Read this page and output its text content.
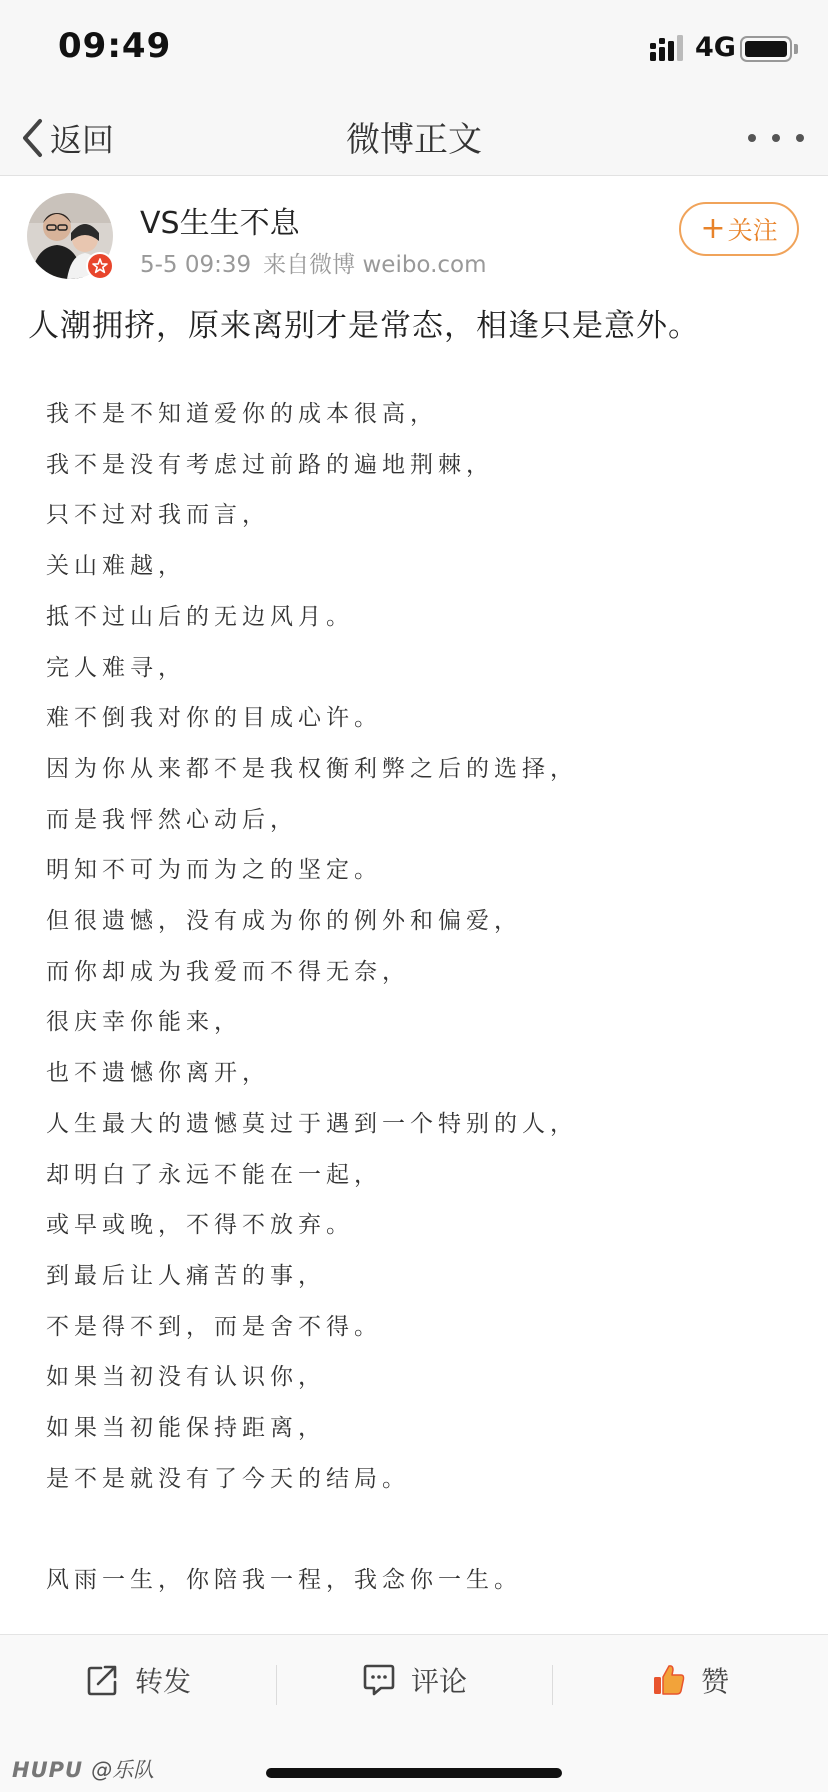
09:49	4G
返回	微博正文
VS生生不息
5-5 09:39 来自微博 weibo.com
+ 关注
人潮拥挤，原来离别才是常态，相逢只是意外。
我不是不知道爱你的成本很高，
我不是没有考虑过前路的遍地荆棘，
只不过对我而言，
关山难越，
抵不过山后的无边风月。
完人难寻，
难不倒我对你的目成心许。
因为你从来都不是我权衡利弊之后的选择，
而是我怦然心动后，
明知不可为而为之的坚定。
但很遗憾，没有成为你的例外和偏爱，
而你却成为我爱而不得无奈，
很庆幸你能来，
也不遗憾你离开，
人生最大的遗憾莫过于遇到一个特别的人，
却明白了永远不能在一起，
或早或晚，不得不放弃。
到最后让人痛苦的事，
不是得不到，而是舍不得。
如果当初没有认识你，
如果当初能保持距离，
是不是就没有了今天的结局。
风雨一生，你陪我一程，我念你一生。
转发	评论	赞
HUPU @乐队
